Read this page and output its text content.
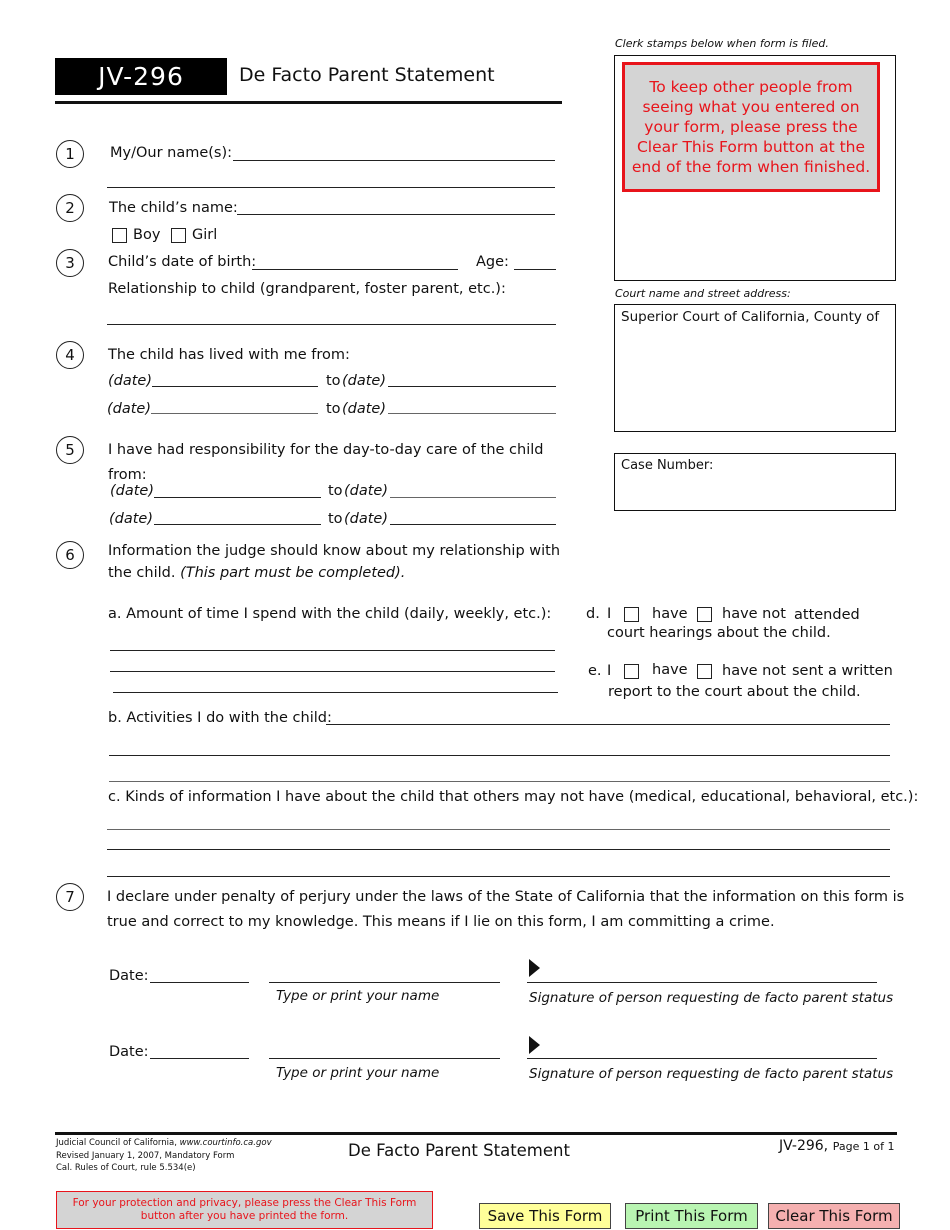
JV-296	De Facto Parent Statement
Clerk stamps below when form is filed.
To keep other people from seeing what you entered on your form, please press the Clear This Form button at the end of the form when finished.
Court name and street address:
Superior Court of California, County of
Case Number:
1	My/Our name(s):
2	The child’s name:
Boy Girl
3	Child’s date of birth:	Age:
Relationship to child (grandparent, foster parent, etc.):
4	The child has lived with me from:
(date)	to (date)
(date)	to (date)
5	I have had responsibility for the day-to-day care of the child
from:
(date)	to (date)
(date)	to (date)
6	Information the judge should know about my relationship with
the child. (This part must be completed).
a. Amount of time I spend with the child (daily, weekly, etc.): d. I	have have not attended
court hearings about the child.
e. I	have have not sent a written
report to the court about the child.
b. Activities I do with the child:
c. Kinds of information I have about the child that others may not have (medical, educational, behavioral, etc.):
7	I declare under penalty of perjury under the laws of the State of California that the information on this form is
true and correct to my knowledge. This means if I lie on this form, I am committing a crime.
Date:
Type or print your name	Signature of person requesting de facto parent status
Date:
Type or print your name	Signature of person requesting de facto parent status
Judicial Council of California, www.courtinfo.ca.gov
Revised January 1, 2007, Mandatory Form
Cal. Rules of Court, rule 5.534(e)
De Facto Parent Statement	JV-296, Page 1 of 1
For your protection and privacy, please press the Clear This Form button after you have printed the form.	Save This Form	Print This Form	Clear This Form
